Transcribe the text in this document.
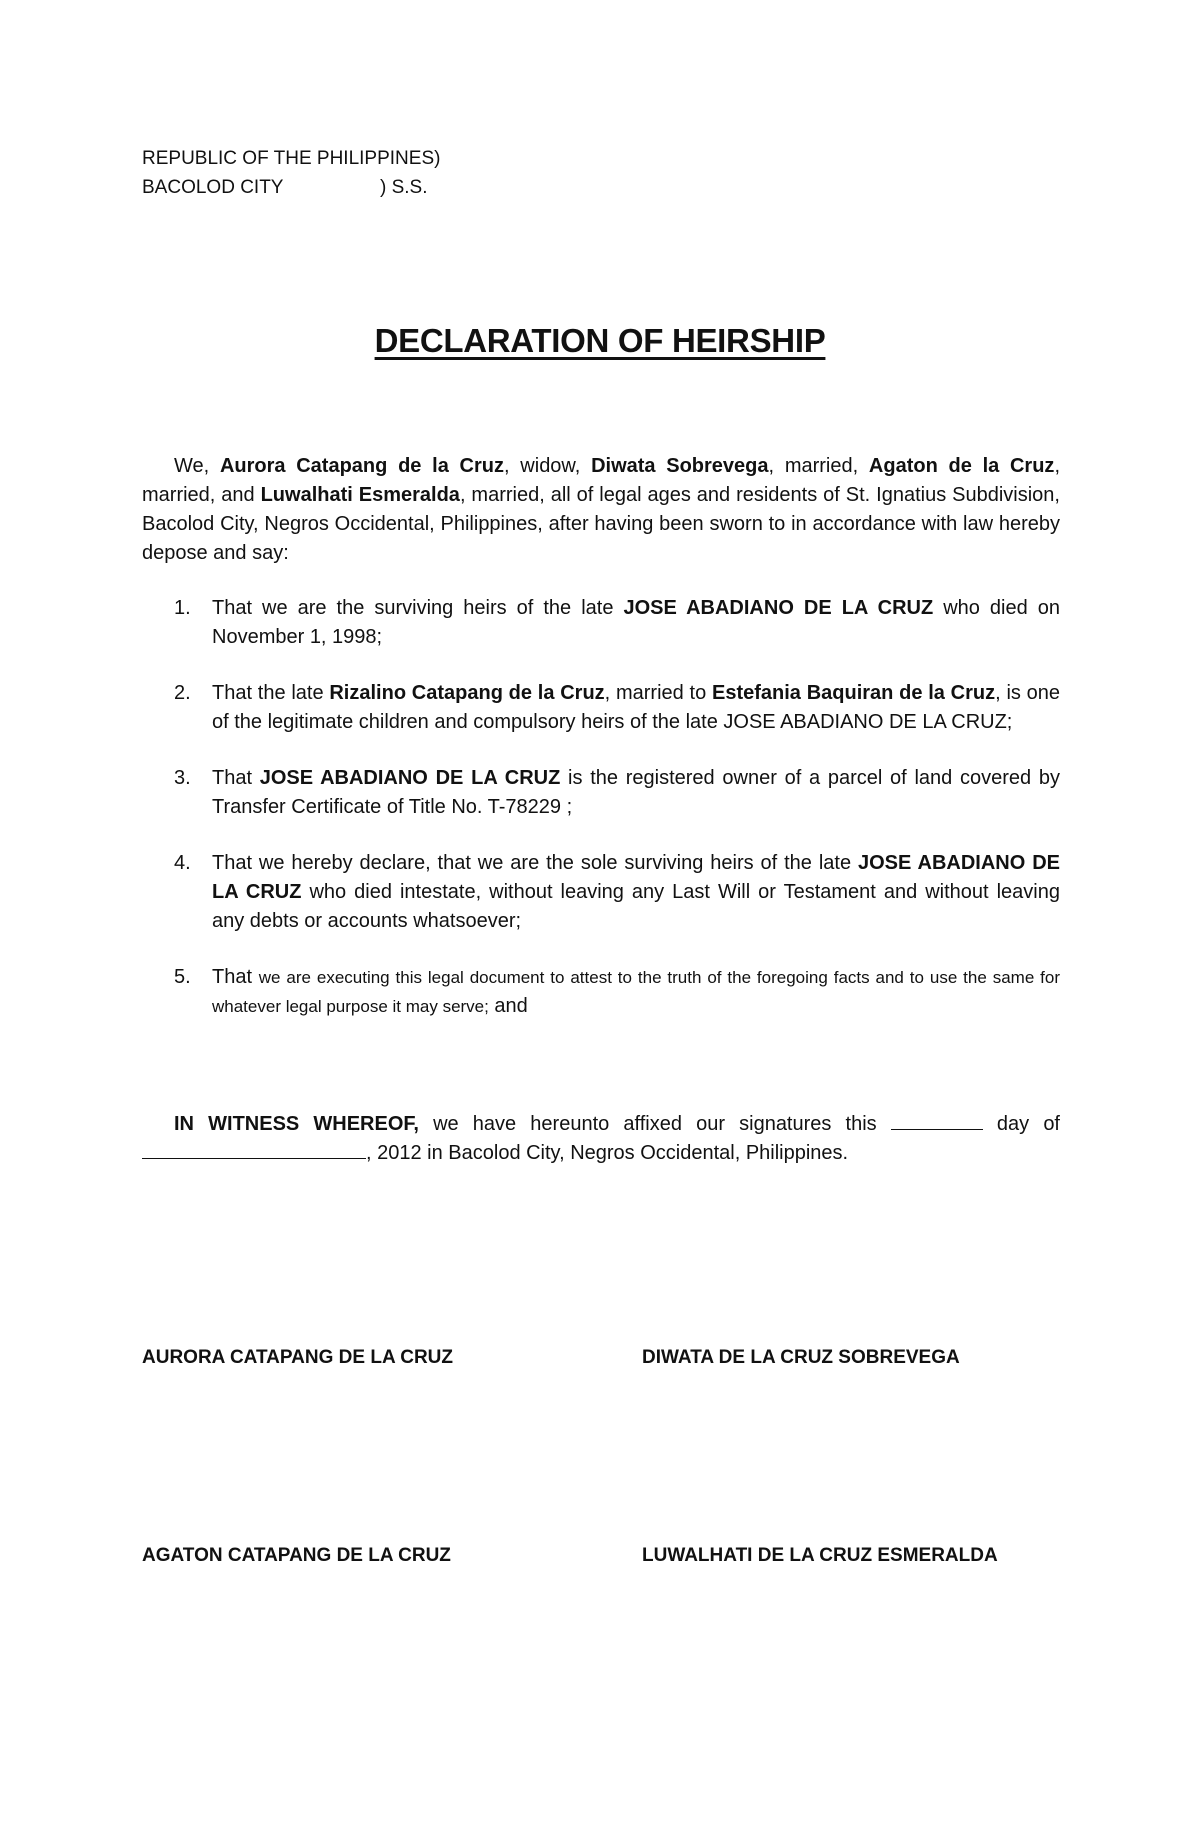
REPUBLIC OF THE PHILIPPINES)
BACOLOD CITY	) S.S.
DECLARATION OF HEIRSHIP
We, Aurora Catapang de la Cruz, widow, Diwata Sobrevega, married, Agaton de la Cruz, married, and Luwalhati Esmeralda, married, all of legal ages and residents of St. Ignatius Subdivision, Bacolod City, Negros Occidental, Philippines, after having been sworn to in accordance with law hereby depose and say:
1.	That we are the surviving heirs of the late JOSE ABADIANO DE LA CRUZ who died on November 1, 1998;
2.	That the late Rizalino Catapang de la Cruz, married to Estefania Baquiran de la Cruz, is one of the legitimate children and compulsory heirs of the late JOSE ABADIANO DE LA CRUZ;
3.	That JOSE ABADIANO DE LA CRUZ is the registered owner of a parcel of land covered by Transfer Certificate of Title No. T-78229 ;
4.	That we hereby declare, that we are the sole surviving heirs of the late JOSE ABADIANO DE LA CRUZ who died intestate, without leaving any Last Will or Testament and without leaving any debts or accounts whatsoever;
5.	That we are executing this legal document to attest to the truth of the foregoing facts and to use the same for whatever legal purpose it may serve; and
IN WITNESS WHEREOF, we have hereunto affixed our signatures this	day of , 2012 in Bacolod City, Negros Occidental, Philippines.
AURORA CATAPANG DE LA CRUZ	DIWATA DE LA CRUZ SOBREVEGA
AGATON CATAPANG DE LA CRUZ	LUWALHATI DE LA CRUZ ESMERALDA
